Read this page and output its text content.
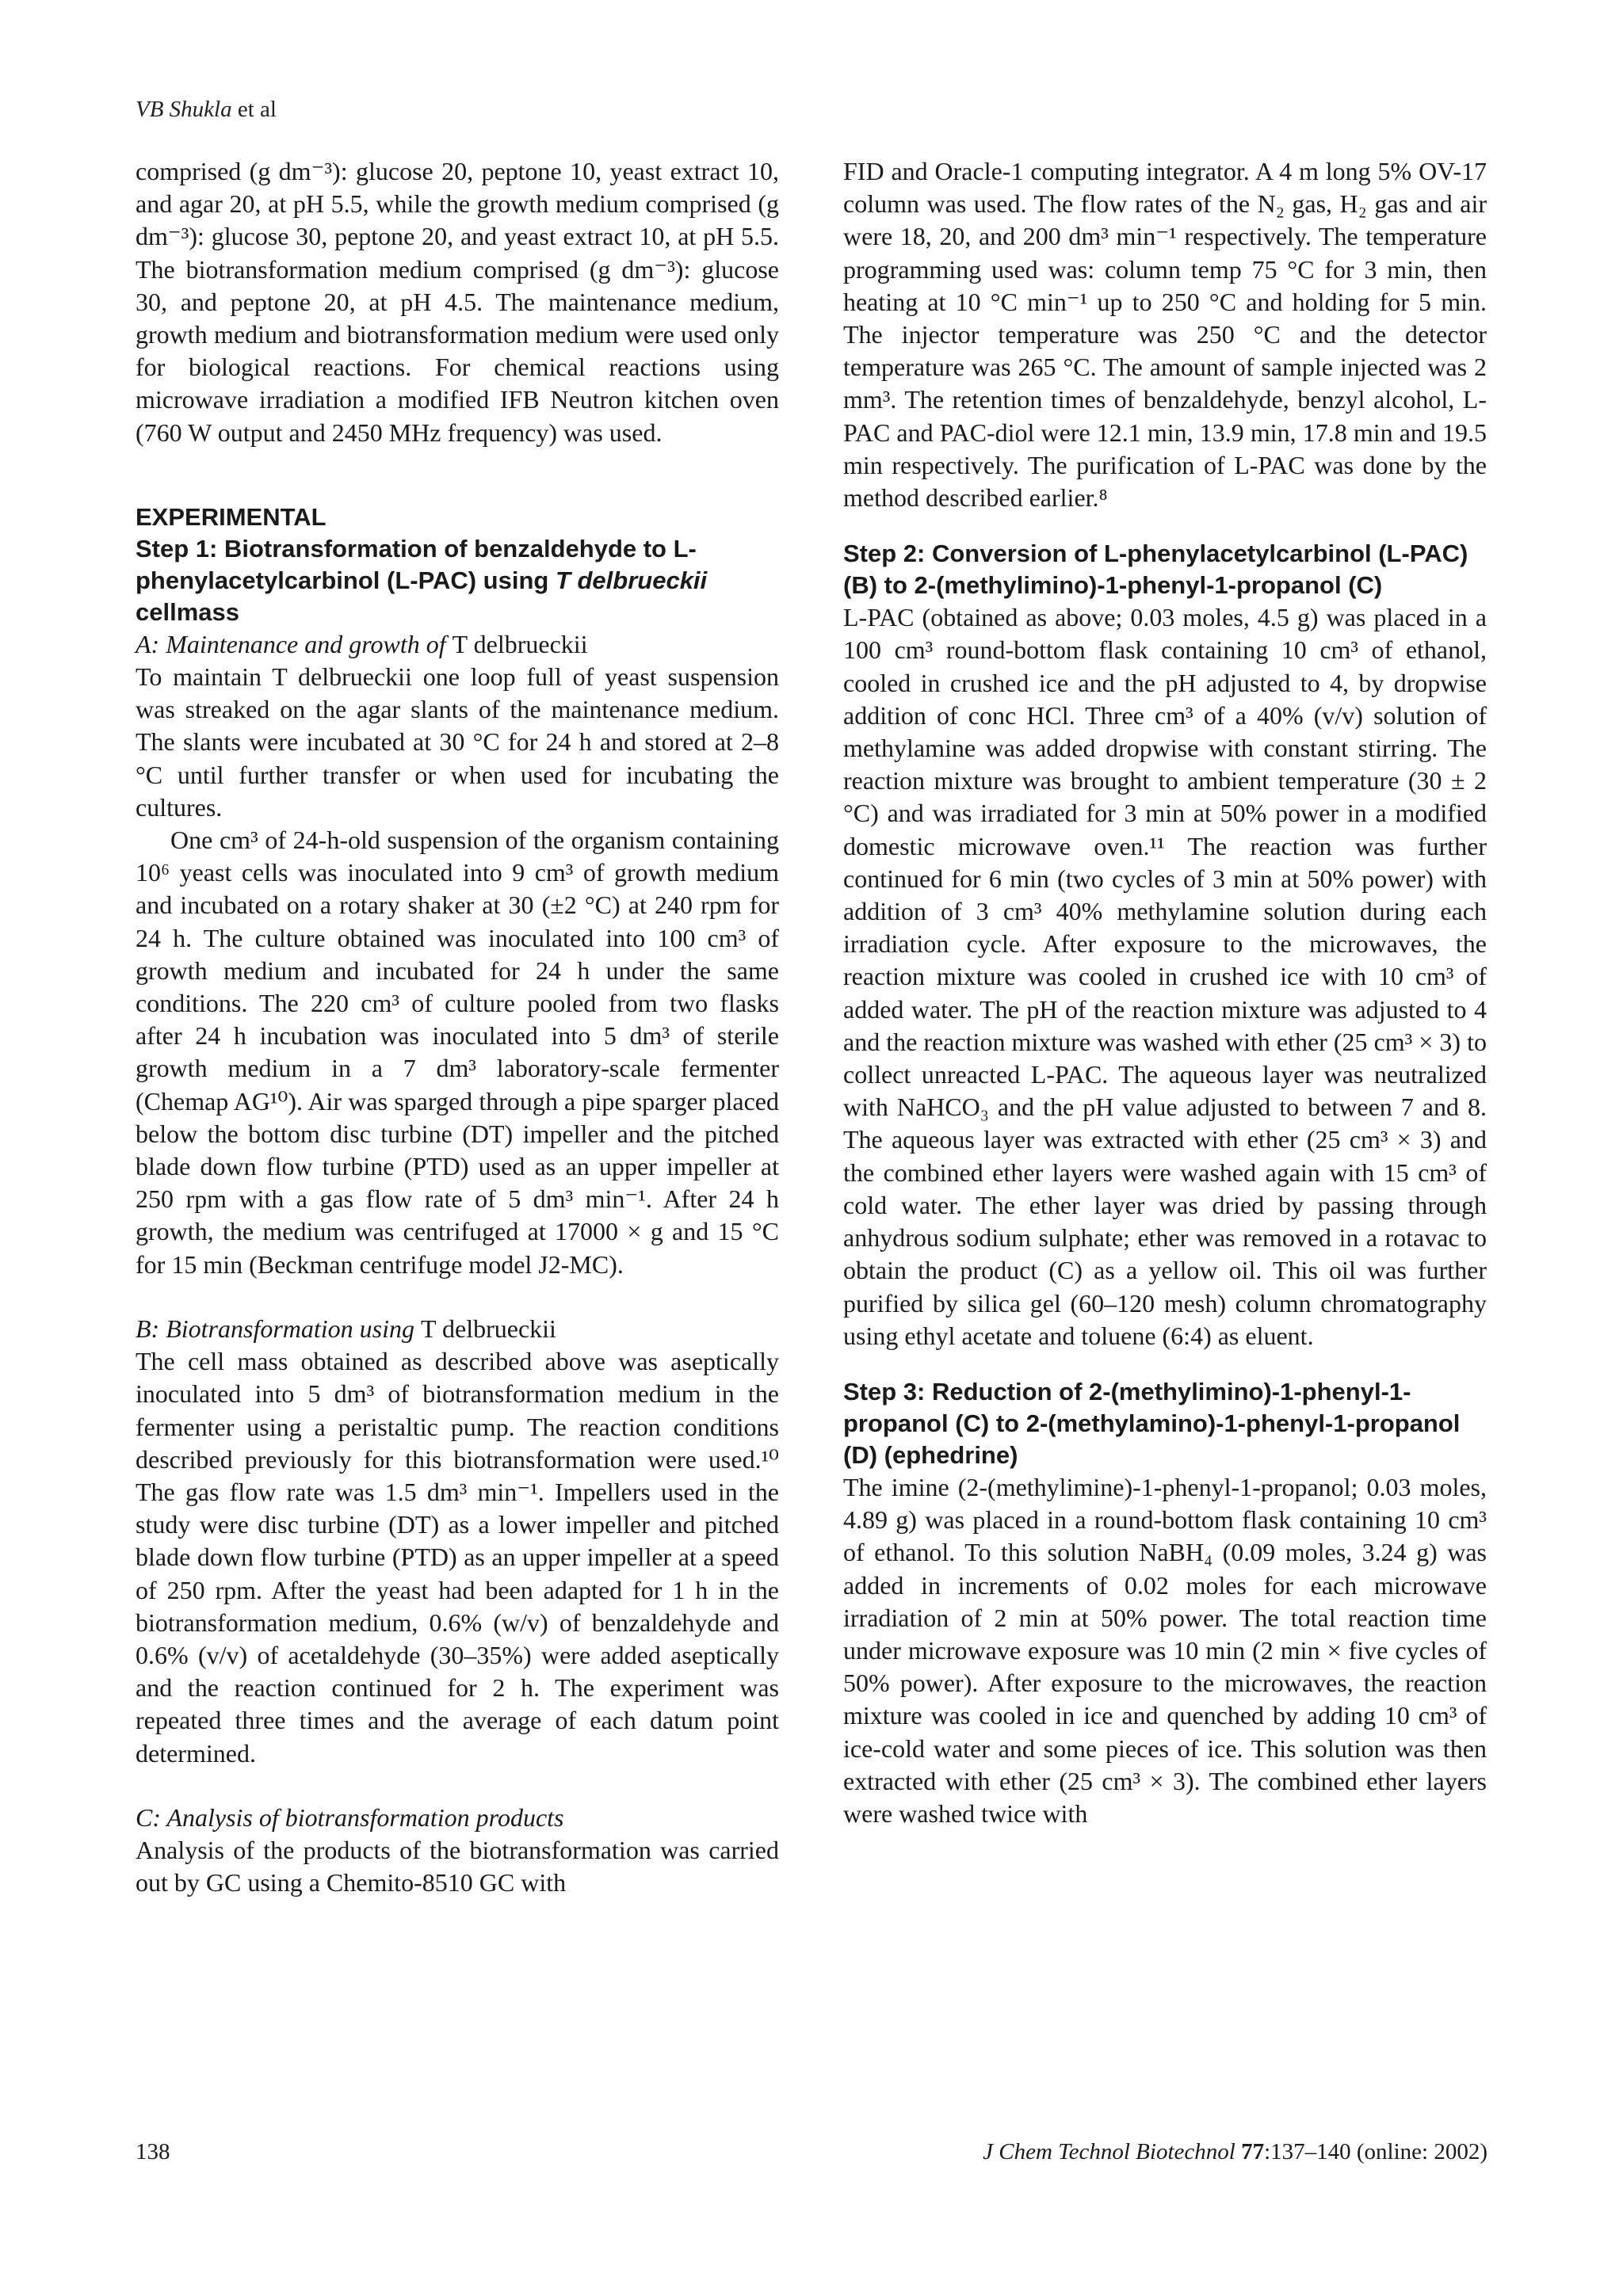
VB Shukla et al

comprised (g dm⁻³): glucose 20, peptone 10, yeast extract 10, and agar 20, at pH 5.5, while the growth medium comprised (g dm⁻³): glucose 30, peptone 20, and yeast extract 10, at pH 5.5. The biotransformation medium comprised (g dm⁻³): glucose 30, and peptone 20, at pH 4.5. The maintenance medium, growth medium and biotransformation medium were used only for biological reactions. For chemical reactions using microwave irradiation a modified IFB Neutron kitchen oven (760 W output and 2450 MHz frequency) was used.

EXPERIMENTAL
Step 1: Biotransformation of benzaldehyde to L-phenylacetylcarbinol (L-PAC) using T delbrueckii cellmass
A: Maintenance and growth of T delbrueckii

To maintain T delbrueckii one loop full of yeast suspension was streaked on the agar slants of the maintenance medium. The slants were incubated at 30 °C for 24 h and stored at 2–8 °C until further transfer or when used for incubating the cultures.

One cm³ of 24-h-old suspension of the organism containing 10⁶ yeast cells was inoculated into 9 cm³ of growth medium and incubated on a rotary shaker at 30 (±2 °C) at 240 rpm for 24 h. The culture obtained was inoculated into 100 cm³ of growth medium and incubated for 24 h under the same conditions. The 220 cm³ of culture pooled from two flasks after 24 h incubation was inoculated into 5 dm³ of sterile growth medium in a 7 dm³ laboratory-scale fermenter (Chemap AG¹⁰). Air was sparged through a pipe sparger placed below the bottom disc turbine (DT) impeller and the pitched blade down flow turbine (PTD) used as an upper impeller at 250 rpm with a gas flow rate of 5 dm³ min⁻¹. After 24 h growth, the medium was centrifuged at 17000 × g and 15 °C for 15 min (Beckman centrifuge model J2-MC).

B: Biotransformation using T delbrueckii

The cell mass obtained as described above was aseptically inoculated into 5 dm³ of biotransformation medium in the fermenter using a peristaltic pump. The reaction conditions described previously for this biotransformation were used.¹⁰ The gas flow rate was 1.5 dm³ min⁻¹. Impellers used in the study were disc turbine (DT) as a lower impeller and pitched blade down flow turbine (PTD) as an upper impeller at a speed of 250 rpm. After the yeast had been adapted for 1 h in the biotransformation medium, 0.6% (w/v) of benzaldehyde and 0.6% (v/v) of acetaldehyde (30–35%) were added aseptically and the reaction continued for 2 h. The experiment was repeated three times and the average of each datum point determined.

C: Analysis of biotransformation products

Analysis of the products of the biotransformation was carried out by GC using a Chemito-8510 GC with

FID and Oracle-1 computing integrator. A 4 m long 5% OV-17 column was used. The flow rates of the N₂ gas, H₂ gas and air were 18, 20, and 200 dm³ min⁻¹ respectively. The temperature programming used was: column temp 75 °C for 3 min, then heating at 10 °C min⁻¹ up to 250 °C and holding for 5 min. The injector temperature was 250 °C and the detector temperature was 265 °C. The amount of sample injected was 2 mm³. The retention times of benzaldehyde, benzyl alcohol, L-PAC and PAC-diol were 12.1 min, 13.9 min, 17.8 min and 19.5 min respectively. The purification of L-PAC was done by the method described earlier.⁸

Step 2: Conversion of L-phenylacetylcarbinol (L-PAC) (B) to 2-(methylimino)-1-phenyl-1-propanol (C)

L-PAC (obtained as above; 0.03 moles, 4.5 g) was placed in a 100 cm³ round-bottom flask containing 10 cm³ of ethanol, cooled in crushed ice and the pH adjusted to 4, by dropwise addition of conc HCl. Three cm³ of a 40% (v/v) solution of methylamine was added dropwise with constant stirring. The reaction mixture was brought to ambient temperature (30 ± 2 °C) and was irradiated for 3 min at 50% power in a modified domestic microwave oven.¹¹ The reaction was further continued for 6 min (two cycles of 3 min at 50% power) with addition of 3 cm³ 40% methylamine solution during each irradiation cycle. After exposure to the microwaves, the reaction mixture was cooled in crushed ice with 10 cm³ of added water. The pH of the reaction mixture was adjusted to 4 and the reaction mixture was washed with ether (25 cm³ × 3) to collect unreacted L-PAC. The aqueous layer was neutralized with NaHCO₃ and the pH value adjusted to between 7 and 8. The aqueous layer was extracted with ether (25 cm³ × 3) and the combined ether layers were washed again with 15 cm³ of cold water. The ether layer was dried by passing through anhydrous sodium sulphate; ether was removed in a rotavac to obtain the product (C) as a yellow oil. This oil was further purified by silica gel (60–120 mesh) column chromatography using ethyl acetate and toluene (6:4) as eluent.

Step 3: Reduction of 2-(methylimino)-1-phenyl-1-propanol (C) to 2-(methylamino)-1-phenyl-1-propanol (D) (ephedrine)

The imine (2-(methylimine)-1-phenyl-1-propanol; 0.03 moles, 4.89 g) was placed in a round-bottom flask containing 10 cm³ of ethanol. To this solution NaBH₄ (0.09 moles, 3.24 g) was added in increments of 0.02 moles for each microwave irradiation of 2 min at 50% power. The total reaction time under microwave exposure was 10 min (2 min × five cycles of 50% power). After exposure to the microwaves, the reaction mixture was cooled in ice and quenched by adding 10 cm³ of ice-cold water and some pieces of ice. This solution was then extracted with ether (25 cm³ × 3). The combined ether layers were washed twice with

138	J Chem Technol Biotechnol 77:137–140 (online: 2002)
